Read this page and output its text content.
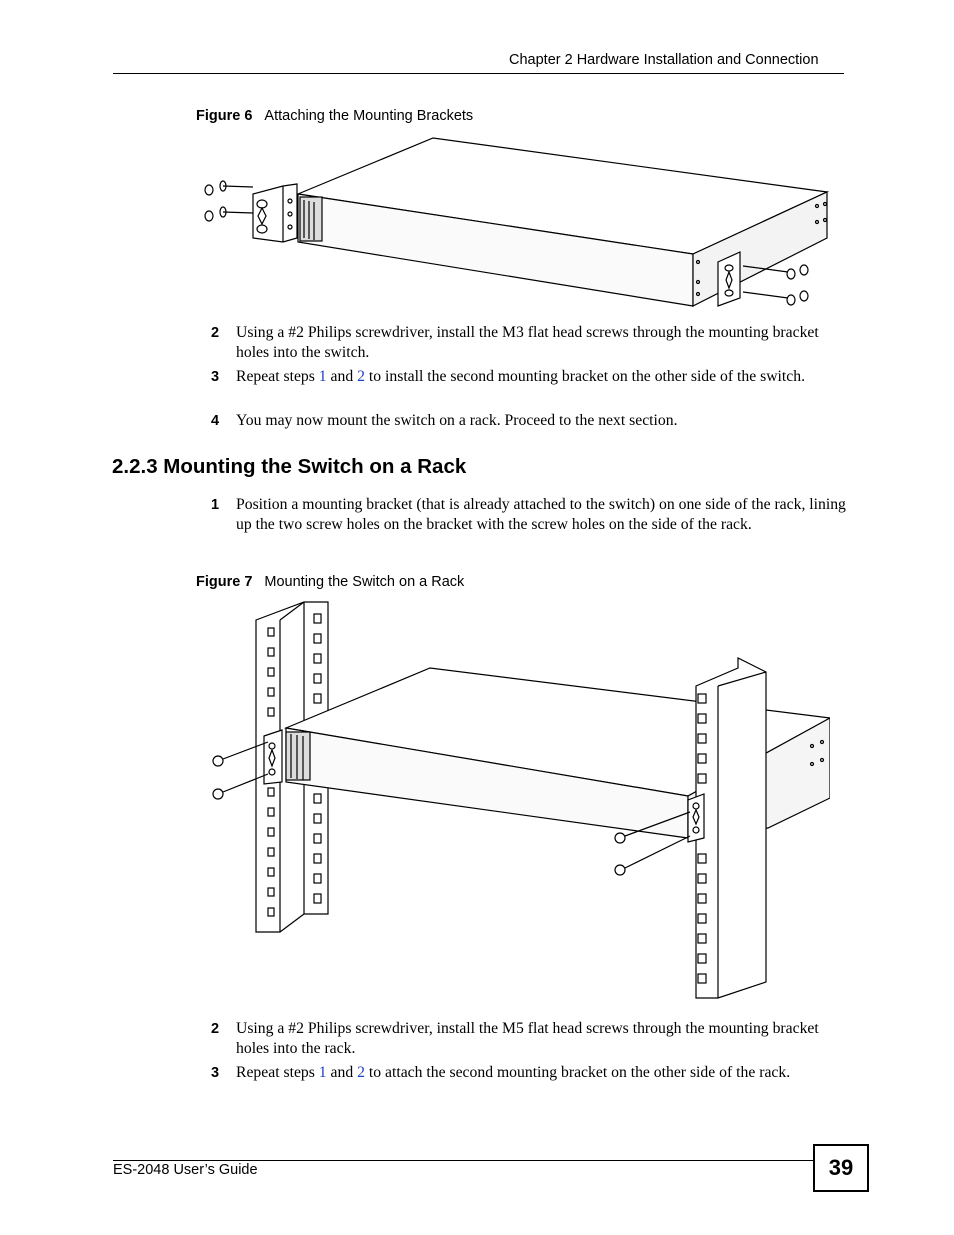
Chapter 2 Hardware Installation and Connection
Figure 6 Attaching the Mounting Brackets
2 Using a #2 Philips screwdriver, install the M3 flat head screws through the mounting bracket holes into the switch.
3 Repeat steps 1 and 2 to install the second mounting bracket on the other side of the switch.
4 You may now mount the switch on a rack. Proceed to the next section.
2.2.3 Mounting the Switch on a Rack
1 Position a mounting bracket (that is already attached to the switch) on one side of the rack, lining up the two screw holes on the bracket with the screw holes on the side of the rack.
Figure 7 Mounting the Switch on a Rack
2 Using a #2 Philips screwdriver, install the M5 flat head screws through the mounting bracket holes into the rack.
3 Repeat steps 1 and 2 to attach the second mounting bracket on the other side of the rack.
ES-2048 User’s Guide	39
